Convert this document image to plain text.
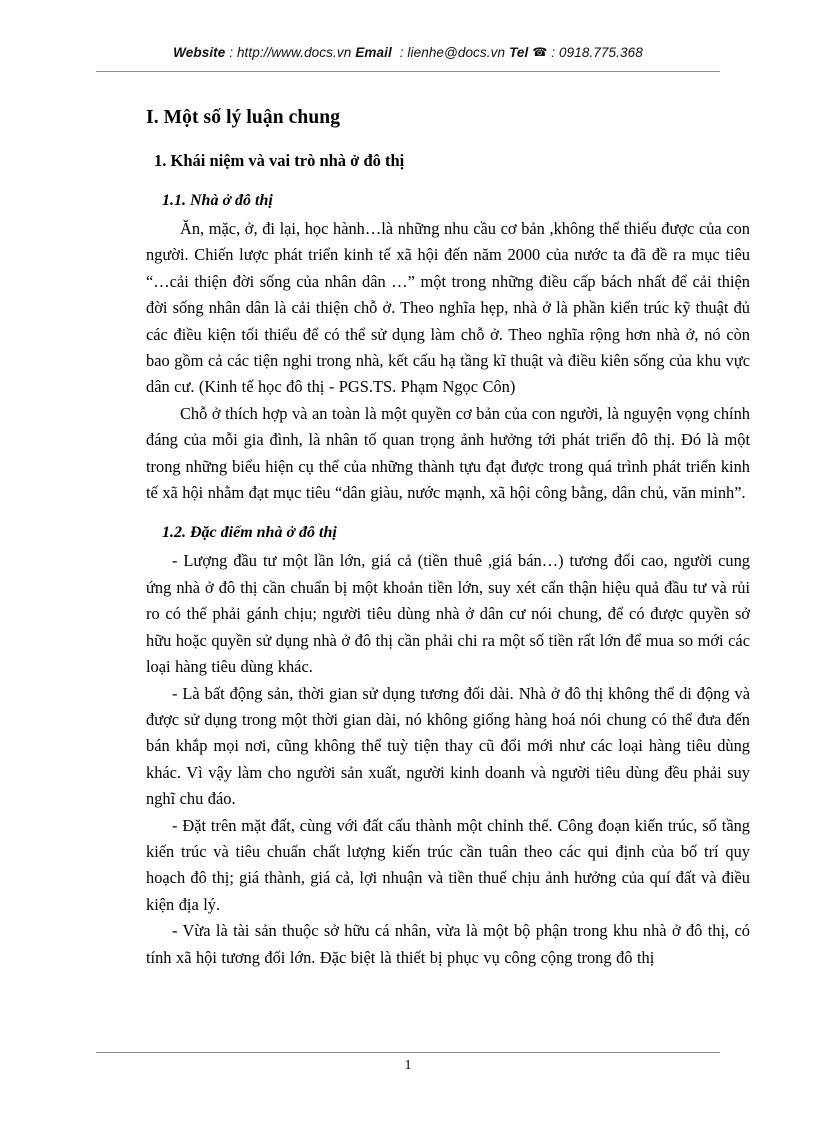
Website : http://www.docs.vn Email : lienhe@docs.vn Tel ☎ : 0918.775.368
I. Một số lý luận chung
1. Khái niệm và vai trò nhà ở đô thị
1.1. Nhà ở đô thị

Ăn, mặc, ở, đi lại, học hành…là những nhu cầu cơ bản ,không thể thiếu được của con người. Chiến lược phát triển kinh tế xã hội đến năm 2000 của nước ta đã đề ra mục tiêu “…cải thiện đời sống của nhân dân …” một trong những điều cấp bách nhất để cải thiện đời sống nhân dân là cải thiện chỗ ở. Theo nghĩa hẹp, nhà ở là phần kiến trúc kỹ thuật đủ các điều kiện tối thiểu để có thể sử dụng làm chỗ ở. Theo nghĩa rộng hơn nhà ở, nó còn bao gồm cả các tiện nghi trong nhà, kết cấu hạ tầng kĩ thuật và điều kiên sống của khu vực dân cư. (Kinh tế học đô thị - PGS.TS. Phạm Ngọc Côn)

Chỗ ở thích hợp và an toàn là một quyền cơ bản của con người, là nguyện vọng chính đáng của mỗi gia đình, là nhân tố quan trọng ảnh hưởng tới phát triển đô thị. Đó là một trong những biểu hiện cụ thể của những thành tựu đạt được trong quá trình phát triển kinh tế xã hội nhằm đạt mục tiêu “dân giàu, nước mạnh, xã hội công bằng, dân chủ, văn minh”.

1.2. Đặc điểm nhà ở đô thị

- Lượng đầu tư một lần lớn, giá cả (tiền thuê ,giá bán…) tương đối cao, người cung ứng nhà ở đô thị cần chuẩn bị một khoản tiền lớn, suy xét cẩn thận hiệu quả đầu tư và rủi ro có thể phải gánh chịu; người tiêu dùng nhà ở dân cư nói chung, để có được quyền sở hữu hoặc quyền sử dụng nhà ở đô thị cần phải chi ra một số tiền rất lớn để mua so mới các loại hàng tiêu dùng khác.

- Là bất động sản, thời gian sử dụng tương đối dài. Nhà ở đô thị không thể di động và được sử dụng trong một thời gian dài, nó không giống hàng hoá nói chung có thể đưa đến bán khắp mọi nơi, cũng không thể tuỳ tiện thay cũ đổi mới như các loại hàng tiêu dùng khác. Vì vậy làm cho người sản xuất, người kinh doanh và người tiêu dùng đều phải suy nghĩ chu đáo.

- Đặt trên mặt đất, cùng với đất cấu thành một chỉnh thể. Công đoạn kiến trúc, số tầng kiến trúc và tiêu chuẩn chất lượng kiến trúc cần tuân theo các qui định của bố trí quy hoạch đô thị; giá thành, giá cả, lợi nhuận và tiền thuế chịu ảnh hưởng của quí đất và điều kiện địa lý.

- Vừa là tài sản thuộc sở hữu cá nhân, vừa là một bộ phận trong khu nhà ở đô thị, có tính xã hội tương đối lớn. Đặc biệt là thiết bị phục vụ công cộng trong đô thị

1
